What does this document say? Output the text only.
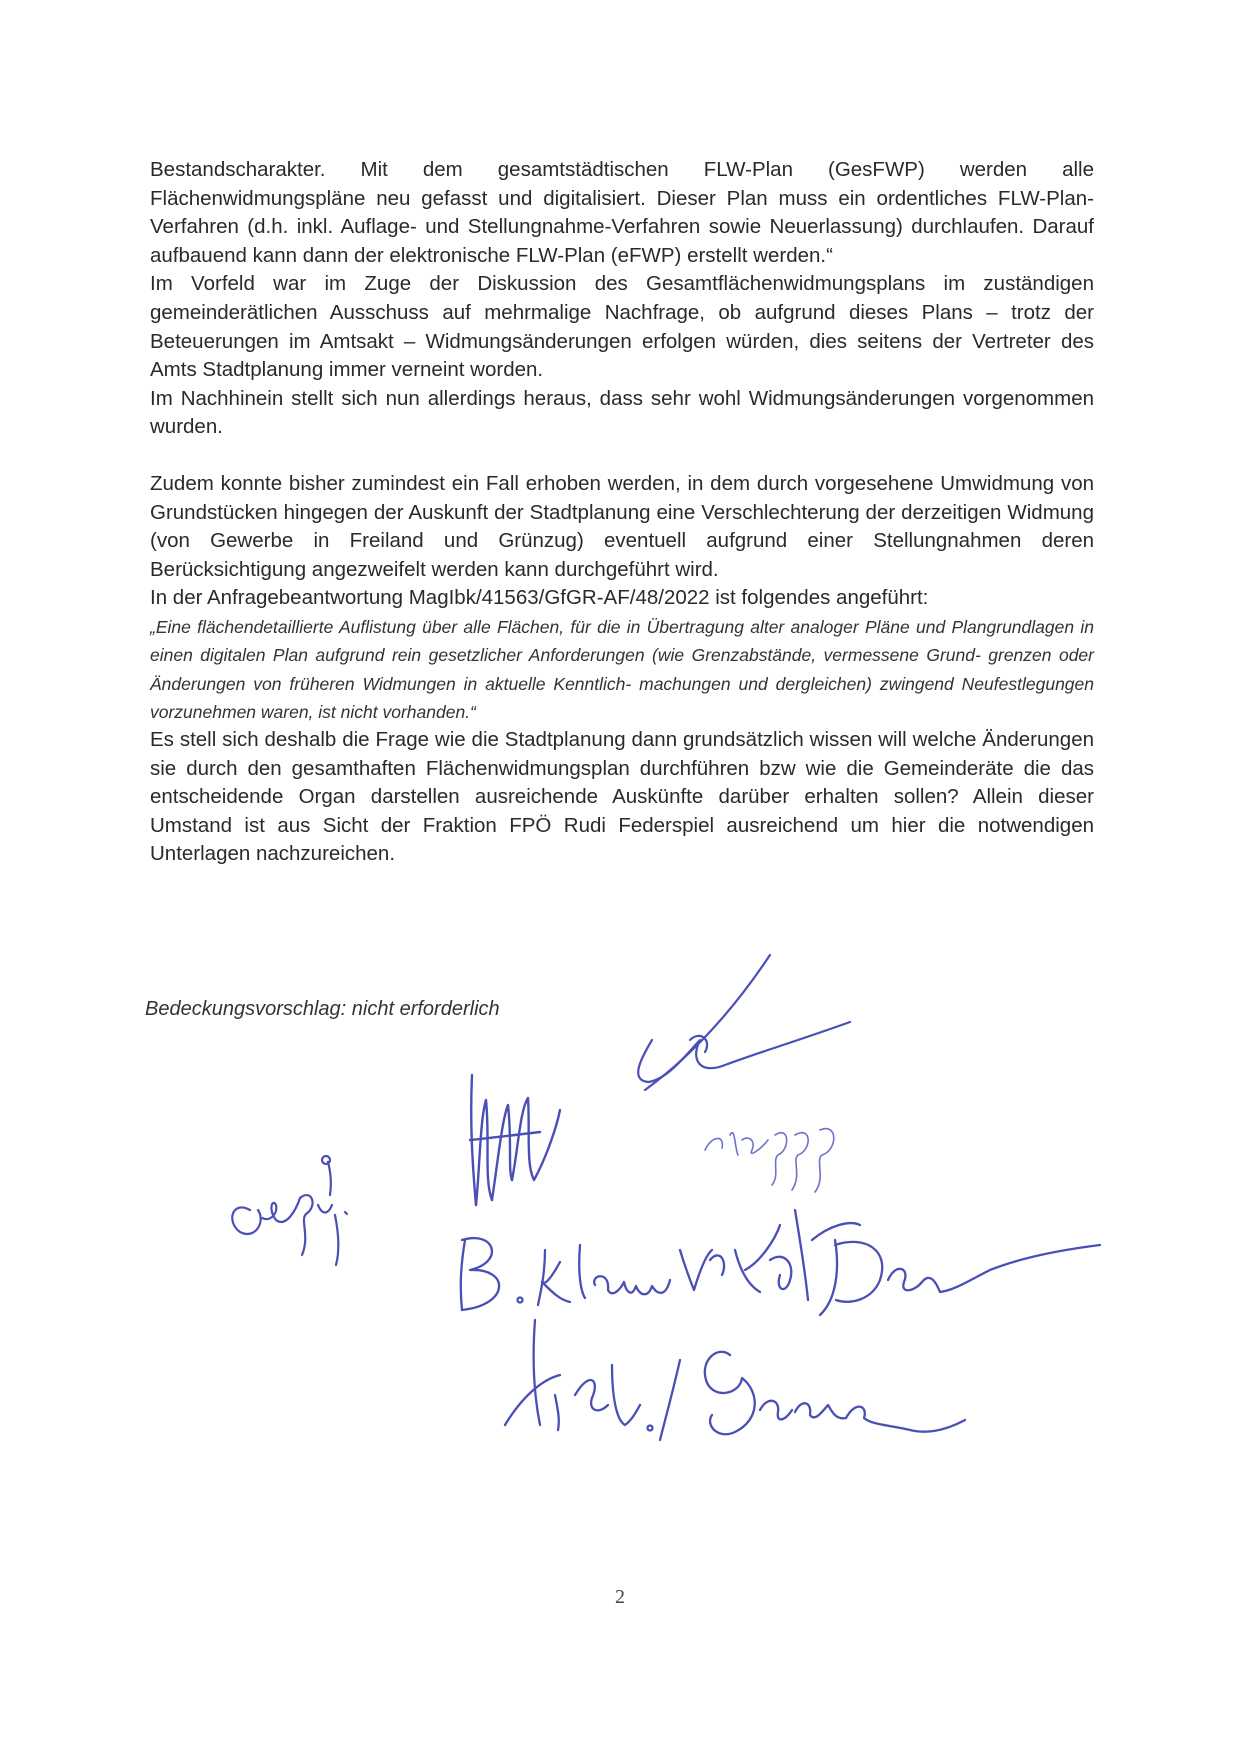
Bestandscharakter. Mit dem gesamtstädtischen FLW-Plan (GesFWP) werden alle Flächenwidmungspläne neu gefasst und digitalisiert. Dieser Plan muss ein ordentliches FLW-Plan-Verfahren (d.h. inkl. Auflage- und Stellungnahme-Verfahren sowie Neuerlassung) durchlaufen. Darauf aufbauend kann dann der elektronische FLW-Plan (eFWP) erstellt werden.“

Im Vorfeld war im Zuge der Diskussion des Gesamtflächenwidmungsplans im zuständigen gemeinderätlichen Ausschuss auf mehrmalige Nachfrage, ob aufgrund dieses Plans – trotz der Beteuerungen im Amtsakt – Widmungsänderungen erfolgen würden, dies seitens der Vertreter des Amts Stadtplanung immer verneint worden.

Im Nachhinein stellt sich nun allerdings heraus, dass sehr wohl Widmungsänderungen vorgenommen wurden.

Zudem konnte bisher zumindest ein Fall erhoben werden, in dem durch vorgesehene Umwidmung von Grundstücken hingegen der Auskunft der Stadtplanung eine Verschlechterung der derzeitigen Widmung (von Gewerbe in Freiland und Grünzug) eventuell aufgrund einer Stellungnahmen deren Berücksichtigung angezweifelt werden kann durchgeführt wird.

In der Anfragebeantwortung MagIbk/41563/GfGR-AF/48/2022 ist folgendes angeführt:

„Eine flächendetaillierte Auflistung über alle Flächen, für die in Übertragung alter analoger Pläne und Plangrundlagen in einen digitalen Plan aufgrund rein gesetzlicher Anforderungen (wie Grenzabstände, vermessene Grund- grenzen oder Änderungen von früheren Widmungen in aktuelle Kenntlich- machungen und dergleichen) zwingend Neufestlegungen vorzunehmen waren, ist nicht vorhanden.“

Es stell sich deshalb die Frage wie die Stadtplanung dann grundsätzlich wissen will welche Änderungen sie durch den gesamthaften Flächenwidmungsplan durchführen bzw wie die Gemeinderäte die das entscheidende Organ darstellen ausreichende Auskünfte darüber erhalten sollen? Allein dieser Umstand ist aus Sicht der Fraktion FPÖ Rudi Federspiel ausreichend um hier die notwendigen Unterlagen nachzureichen.

Bedeckungsvorschlag: nicht erforderlich
2
